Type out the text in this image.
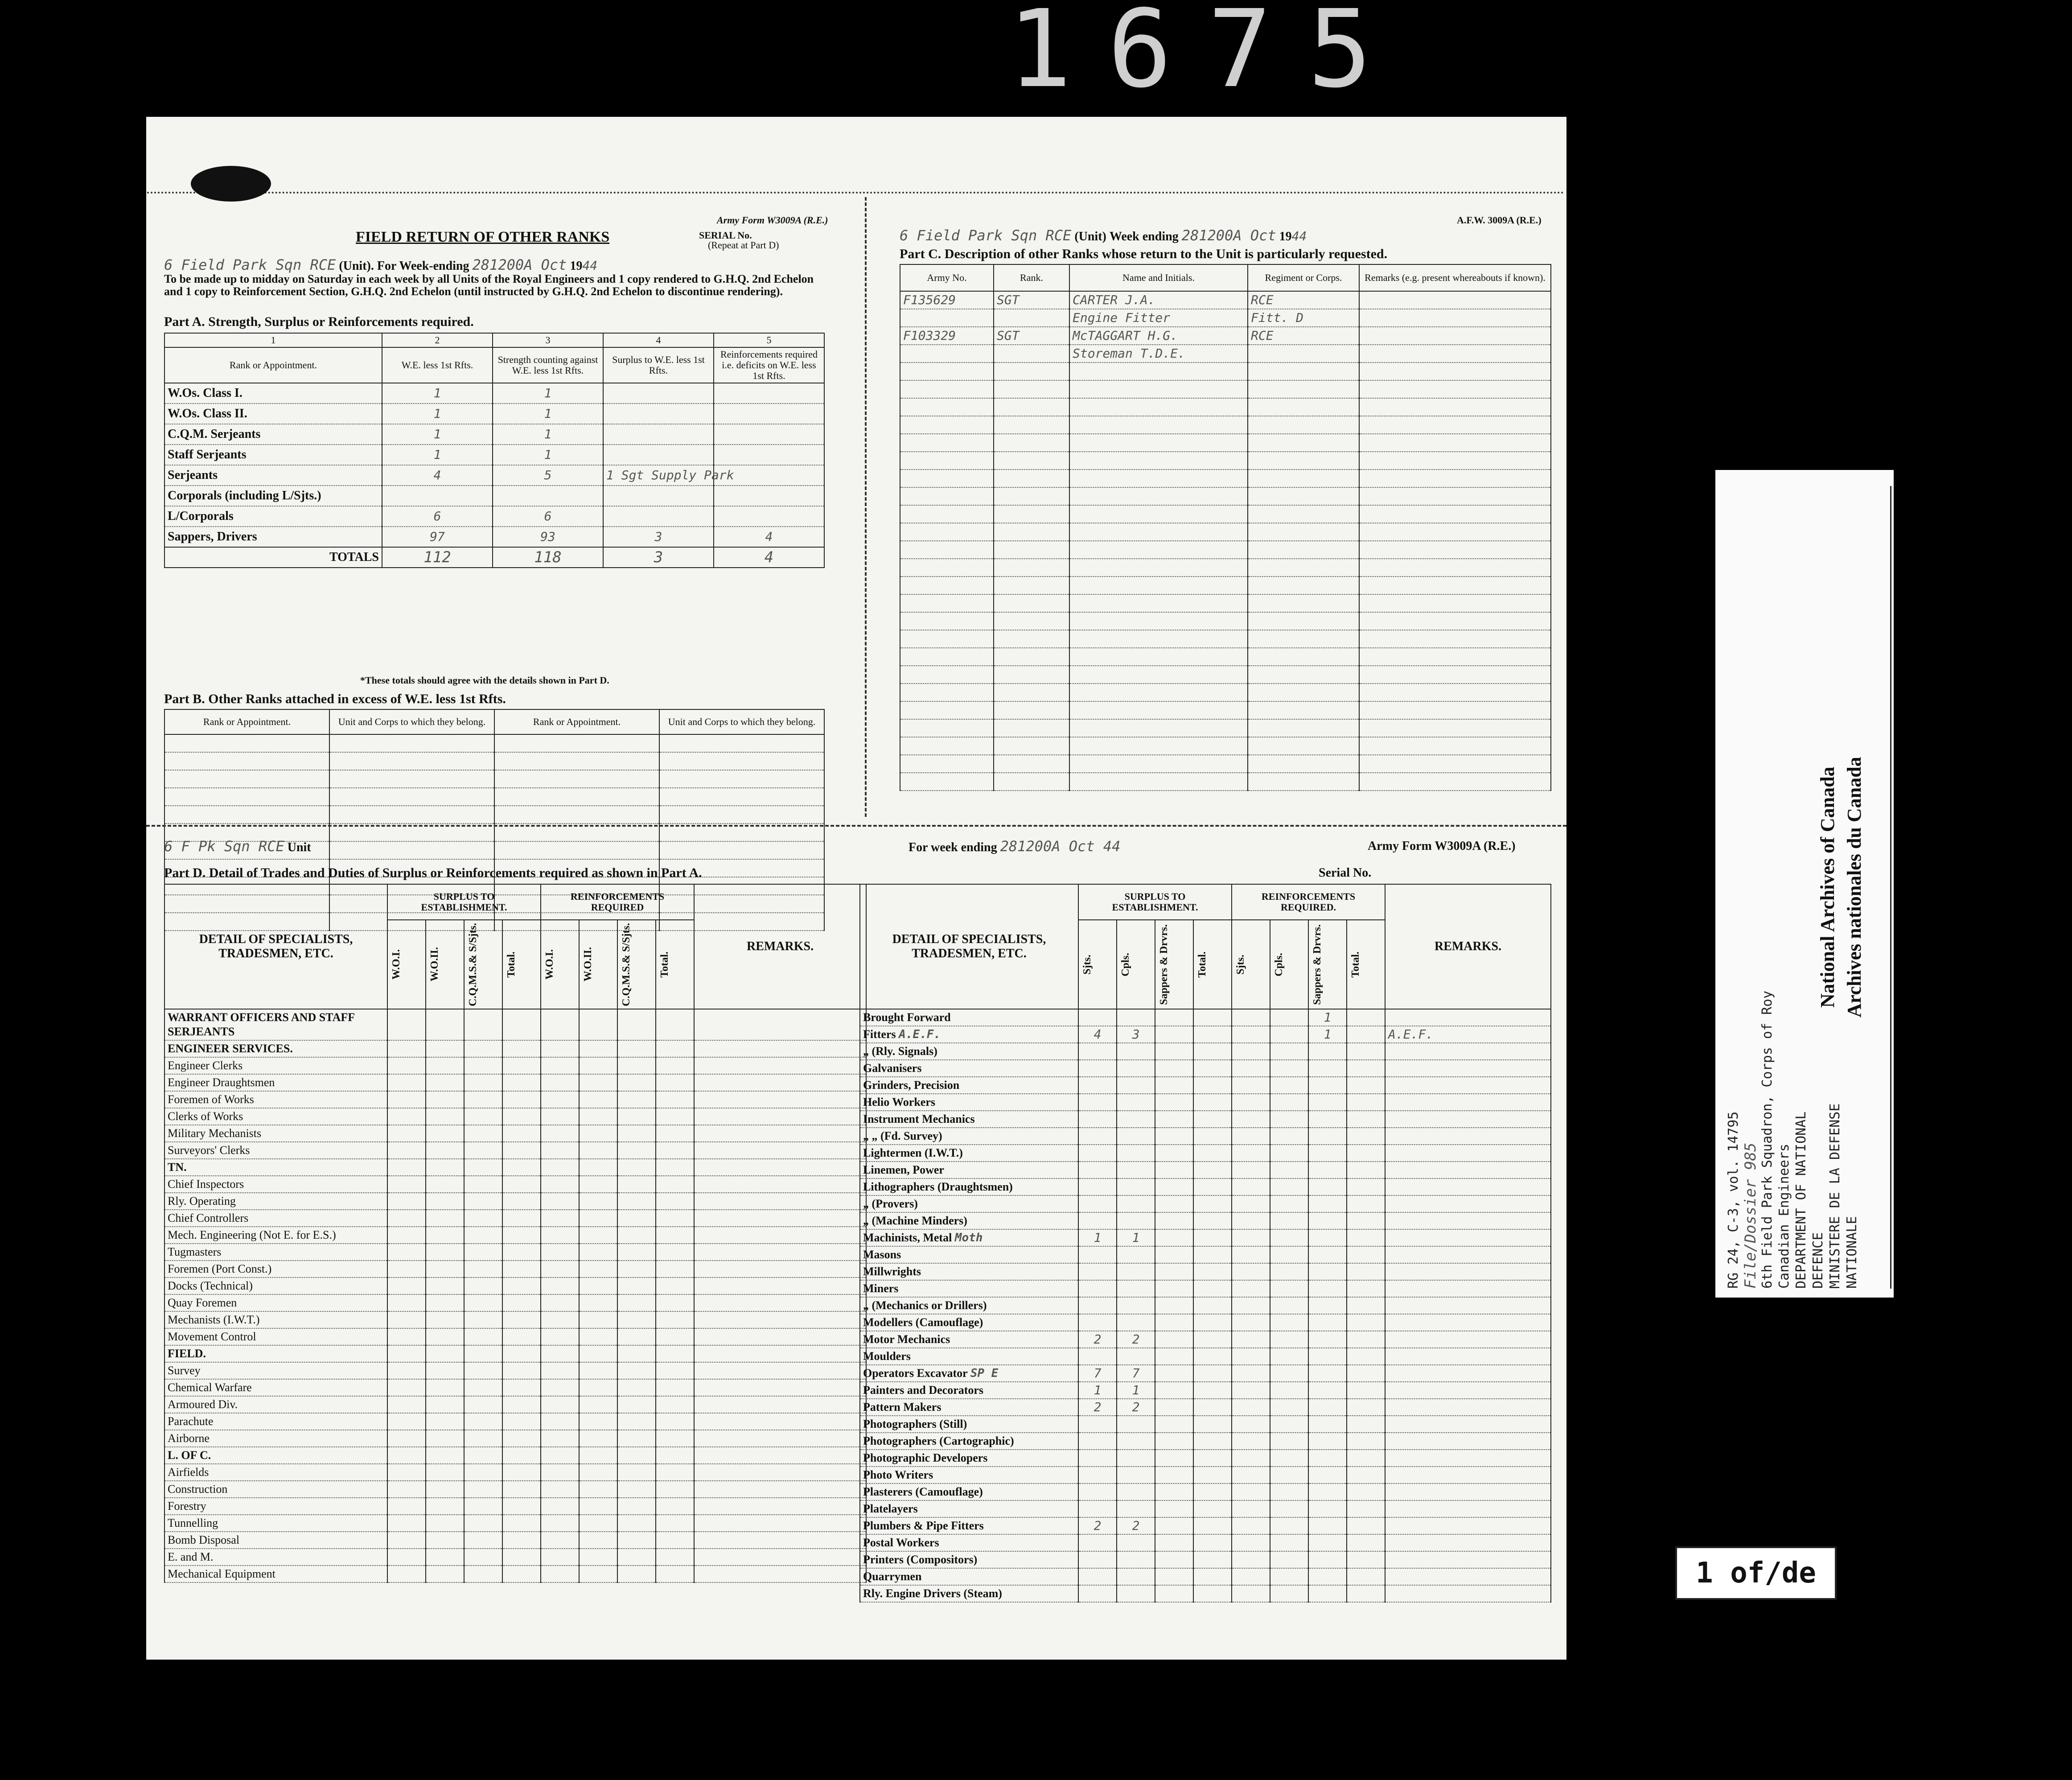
1675
Army Form W3009A (R.E.)
FIELD RETURN OF OTHER RANKS	SERIAL No.
(Repeat at Part D)
6 Field Park Sqn RCE (Unit). For Week-ending 281200A Oct 1944
To be made up to midday on Saturday in each week by all Units of the Royal Engineers and 1 copy rendered to G.H.Q. 2nd Echelon and 1 copy to Reinforcement Section, G.H.Q. 2nd Echelon (until instructed by G.H.Q. 2nd Echelon to discontinue rendering).
Part A. Strength, Surplus or Reinforcements required.
1	2	3	4	5
Rank or Appointment.	W.E. less 1st Rfts.	Strength counting against W.E. less 1st Rfts.	Surplus to W.E. less 1st Rfts.	Reinforcements required i.e. deficits on W.E. less 1st Rfts.
W.Os. Class I.	1	1		
W.Os. Class II.	1	1		
C.Q.M. Serjeants	1	1		
Staff Serjeants	1	1		
Serjeants	4	5	1 Sgt Supply Park	
Corporals (including L/Sjts.)				
L/Corporals	6	6		
Sappers, Drivers	97	93	3	4
TOTALS	112	118	3	4
*These totals should agree with the details shown in Part D.
Part B. Other Ranks attached in excess of W.E. less 1st Rfts.
Rank or Appointment.	Unit and Corps to which they belong.	Rank or Appointment.	Unit and Corps to which they belong.

A.F.W. 3009A (R.E.)
6 Field Park Sqn RCE (Unit) Week ending 281200A Oct 1944
Part C. Description of other Ranks whose return to the Unit is particularly requested.
Army No.	Rank.	Name and Initials.	Regiment or Corps.	Remarks (e.g. present whereabouts if known).
F135629	SGT	CARTER J.A.	RCE	
		Engine Fitter	Fitt. D	
F103329	SGT	McTAGGART H.G.	RCE	
		Storeman T.D.E.		

6 F Pk Sqn RCE Unit	For week ending 281200A Oct 44	Army Form W3009A (R.E.)
Serial No.
Part D. Detail of Trades and Duties of Surplus or Reinforcements required as shown in Part A.
DETAIL OF SPECIALISTS, TRADESMEN, ETC.	SURPLUS TO ESTABLISHMENT.				REINFORCEMENTS REQUIRED				REMARKS.

	W.O.I.	W.O.II.	C.Q.M.S.& S/Sjts.	Total.	W.O.I.	W.O.II.	C.Q.M.S.& S/Sjts.	Total.	

WARRANT OFFICERS AND STAFF SERJEANTS									
ENGINEER SERVICES.									
Engineer Clerks									
Engineer Draughtsmen									
Foremen of Works									
Clerks of Works									
Military Mechanists									
Surveyors' Clerks									
TN.									
Chief Inspectors									
Rly. Operating									
Chief Controllers									
Mech. Engineering (Not E. for E.S.)									
Tugmasters									
Foremen (Port Const.)									
Docks (Technical)									
Quay Foremen									
Mechanists (I.W.T.)									
Movement Control									
FIELD.									
Survey									
Chemical Warfare									
Armoured Div.									
Parachute									
Airborne									
L. OF C.									
Airfields									
Construction									
Forestry									
Tunnelling									
Bomb Disposal									
E. and M.									
Mechanical Equipment									
DETAIL OF SPECIALISTS, TRADESMEN, ETC.	SURPLUS TO ESTABLISHMENT.				REINFORCEMENTS REQUIRED.				REMARKS.

	Sjts.	Cpls.	Sappers & Drvrs.	Total.	Sjts.	Cpls.	Sappers & Drvrs.	Total.	

Brought Forward							1		
Fitters A.E.F.	4	3					1		A.E.F.
„ (Rly. Signals)									
Galvanisers									
Grinders, Precision									
Helio Workers									
Instrument Mechanics									
„ „ (Fd. Survey)									
Lightermen (I.W.T.)									
Linemen, Power									
Lithographers (Draughtsmen)									
„ (Provers)									
„ (Machine Minders)									
Machinists, Metal Moth	1	1							
Masons									
Millwrights									
Miners									
„ (Mechanics or Drillers)									
Modellers (Camouflage)									
Motor Mechanics	2	2							
Moulders									
Operators Excavator SP E	7	7							
Painters and Decorators	1	1							
Pattern Makers	2	2							
Photographers (Still)									
Photographers (Cartographic)									
Photographic Developers									
Photo Writers									
Plasterers (Camouflage)									
Platelayers									
Plumbers & Pipe Fitters	2	2							
Postal Workers									
Printers (Compositors)									
Quarrymen									
Rly. Engine Drivers (Steam)									
RG 24, C-3, vol. 14795 File/Dossier 985 6th Field Park Squadron, Corps of Roy Canadian Engineers DEPARTMENT OF NATIONAL DEFENCE MINISTERE DE LA DEFENSE NATIONALE
National Archives of Canada Archives nationales du Canada
1 of/de
